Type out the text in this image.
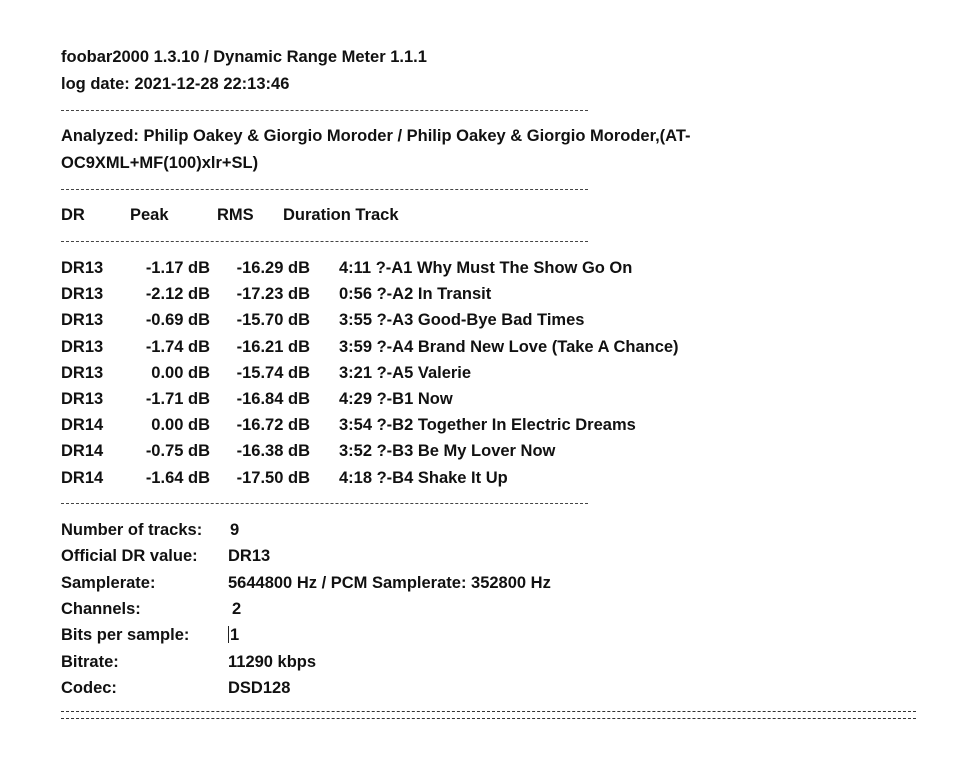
foobar2000 1.3.10 / Dynamic Range Meter 1.1.1
log date: 2021-12-28 22:13:46
Analyzed: Philip Oakey & Giorgio Moroder / Philip Oakey & Giorgio Moroder,(AT-
OC9XML+MF(100)xlr+SL)
DR	Peak	RMS Duration Track
DR13	-1.17 dB	-16.29 dB 4:11 ?-A1 Why Must The Show Go On
DR13	-2.12 dB	-17.23 dB 0:56 ?-A2 In Transit
DR13	-0.69 dB	-15.70 dB 3:55 ?-A3 Good-Bye Bad Times
DR13	-1.74 dB	-16.21 dB 3:59 ?-A4 Brand New Love (Take A Chance)
DR13	0.00 dB	-15.74 dB 3:21 ?-A5 Valerie
DR13	-1.71 dB	-16.84 dB 4:29 ?-B1 Now
DR14	0.00 dB	-16.72 dB 3:54 ?-B2 Together In Electric Dreams
DR14	-0.75 dB	-16.38 dB 3:52 ?-B3 Be My Lover Now
DR14	-1.64 dB	-17.50 dB 4:18 ?-B4 Shake It Up
Number of tracks: 9
Official DR value: DR13
Samplerate:	5644800 Hz / PCM Samplerate: 352800 Hz
Channels:	2
Bits per sample: 1
Bitrate:	11290 kbps
Codec:	DSD128
